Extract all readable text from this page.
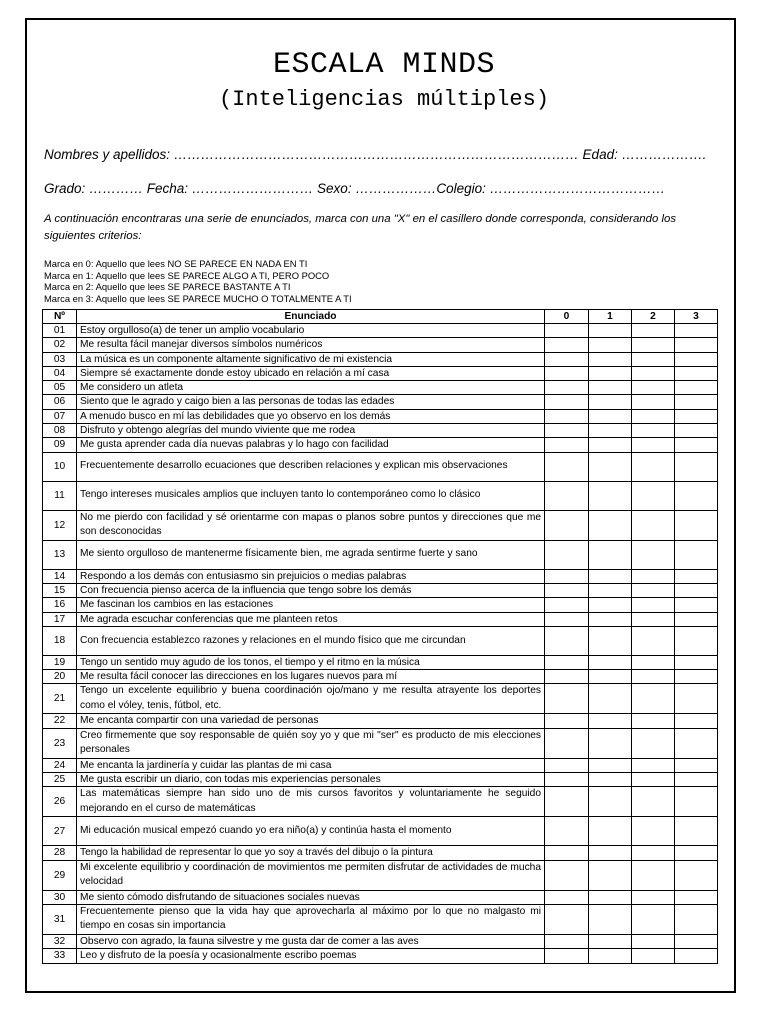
ESCALA MINDS
(Inteligencias múltiples)
Nombres y apellidos: ……………………………………………………………………………… Edad: ……………….
Grado: ………… Fecha: ……………………… Sexo: ………………Colegio: …………………………………
A continuación encontraras una serie de enunciados, marca con una "X" en el casillero donde corresponda, considerando los siguientes criterios:
Marca en 0: Aquello que lees NO SE PARECE EN NADA EN TI
Marca en 1: Aquello que lees SE PARECE ALGO A TI, PERO POCO
Marca en 2: Aquello que lees SE PARECE BASTANTE A TI
Marca en 3: Aquello que lees SE PARECE MUCHO O TOTALMENTE A TI
Nº	Enunciado	0	1	2	3
01	Estoy orgulloso(a) de tener un amplio vocabulario				
02	Me resulta fácil manejar diversos símbolos numéricos				
03	La música es un componente altamente significativo de mi existencia				
04	Siempre sé exactamente donde estoy ubicado en relación a mí casa				
05	Me considero un atleta				
06	Siento que le agrado y caigo bien a las personas de todas las edades				
07	A menudo busco en mí las debilidades que yo observo en los demás				
08	Disfruto y obtengo alegrías del mundo viviente que me rodea				
09	Me gusta aprender cada día nuevas palabras y lo hago con facilidad				
10	Frecuentemente desarrollo ecuaciones que describen relaciones y explican mis observaciones				
11	Tengo intereses musicales amplios que incluyen tanto lo contemporáneo como lo clásico				
12	No me pierdo con facilidad y sé orientarme con mapas o planos sobre puntos y direcciones que me son desconocidas				
13	Me siento orgulloso de mantenerme físicamente bien, me agrada sentirme fuerte y sano				
14	Respondo a los demás con entusiasmo sin prejuicios o medias palabras				
15	Con frecuencia pienso acerca de la influencia que tengo sobre los demás				
16	Me fascinan los cambios en las estaciones				
17	Me agrada escuchar conferencias que me planteen retos				
18	Con frecuencia establezco razones y relaciones en el mundo físico que me circundan				
19	Tengo un sentido muy agudo de los tonos, el tiempo y el ritmo en la música				
20	Me resulta fácil conocer las direcciones en los lugares nuevos para mí				
21	Tengo un excelente equilibrio y buena coordinación ojo/mano y me resulta atrayente los deportes como el vóley, tenis, fútbol, etc.				
22	Me encanta compartir con una variedad de personas				
23	Creo firmemente que soy responsable de quién soy yo y que mi "ser" es producto de mis elecciones personales				
24	Me encanta la jardinería y cuidar las plantas de mi casa				
25	Me gusta escribir un diario, con todas mis experiencias personales				
26	Las matemáticas siempre han sido uno de mis cursos favoritos y voluntariamente he seguido mejorando en el curso de matemáticas				
27	Mi educación musical empezó cuando yo era niño(a) y continúa hasta el momento				
28	Tengo la habilidad de representar lo que yo soy a través del dibujo o la pintura				
29	Mi excelente equilibrio y coordinación de movimientos me permiten disfrutar de actividades de mucha velocidad				
30	Me siento cómodo disfrutando de situaciones sociales nuevas				
31	Frecuentemente pienso que la vida hay que aprovecharla al máximo por lo que no malgasto mi tiempo en cosas sin importancia				
32	Observo con agrado, la fauna silvestre y me gusta dar de comer a las aves				
33	Leo y disfruto de la poesía y ocasionalmente escribo poemas				
